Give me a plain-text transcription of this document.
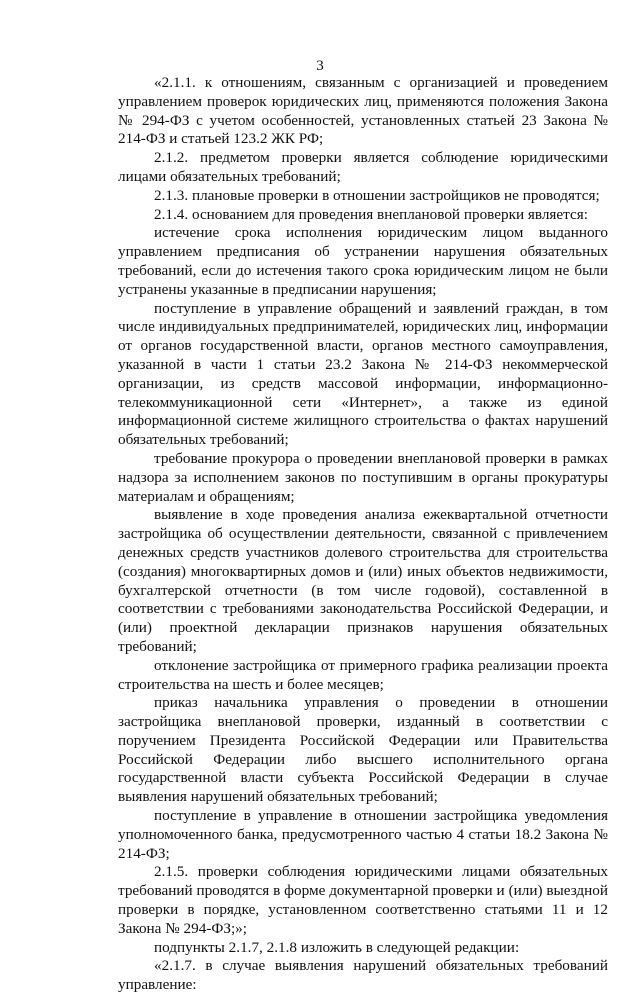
3

«2.1.1. к отношениям, связанным с организацией и проведением управлением проверок юридических лиц, применяются положения Закона № 294-ФЗ с учетом особенностей, установленных статьей 23 Закона № 214-ФЗ и статьей 123.2 ЖК РФ;

2.1.2. предметом проверки является соблюдение юридическими лицами обязательных требований;

2.1.3. плановые проверки в отношении застройщиков не проводятся;

2.1.4. основанием для проведения внеплановой проверки является:

истечение срока исполнения юридическим лицом выданного управлением предписания об устранении нарушения обязательных требований, если до истечения такого срока юридическим лицом не были устранены указанные в предписании нарушения;

поступление в управление обращений и заявлений граждан, в том числе индивидуальных предпринимателей, юридических лиц, информации от органов государственной власти, органов местного самоуправления, указанной в части 1 статьи 23.2 Закона № 214-ФЗ некоммерческой организации, из средств массовой информации, информационно-телекоммуникационной сети «Интернет», а также из единой информационной системе жилищного строительства о фактах нарушений обязательных требований;

требование прокурора о проведении внеплановой проверки в рамках надзора за исполнением законов по поступившим в органы прокуратуры материалам и обращениям;

выявление в ходе проведения анализа ежеквартальной отчетности застройщика об осуществлении деятельности, связанной с привлечением денежных средств участников долевого строительства для строительства (создания) многоквартирных домов и (или) иных объектов недвижимости, бухгалтерской отчетности (в том числе годовой), составленной в соответствии с требованиями законодательства Российской Федерации, и (или) проектной декларации признаков нарушения обязательных требований;

отклонение застройщика от примерного графика реализации проекта строительства на шесть и более месяцев;

приказ начальника управления о проведении в отношении застройщика внеплановой проверки, изданный в соответствии с поручением Президента Российской Федерации или Правительства Российской Федерации либо высшего исполнительного органа государственной власти субъекта Российской Федерации в случае выявления нарушений обязательных требований;

поступление в управление в отношении застройщика уведомления уполномоченного банка, предусмотренного частью 4 статьи 18.2 Закона № 214-ФЗ;

2.1.5. проверки соблюдения юридическими лицами обязательных требований проводятся в форме документарной проверки и (или) выездной проверки в порядке, установленном соответственно статьями 11 и 12 Закона № 294-ФЗ;»;

подпункты 2.1.7, 2.1.8 изложить в следующей редакции:

«2.1.7. в случае выявления нарушений обязательных требований управление:
